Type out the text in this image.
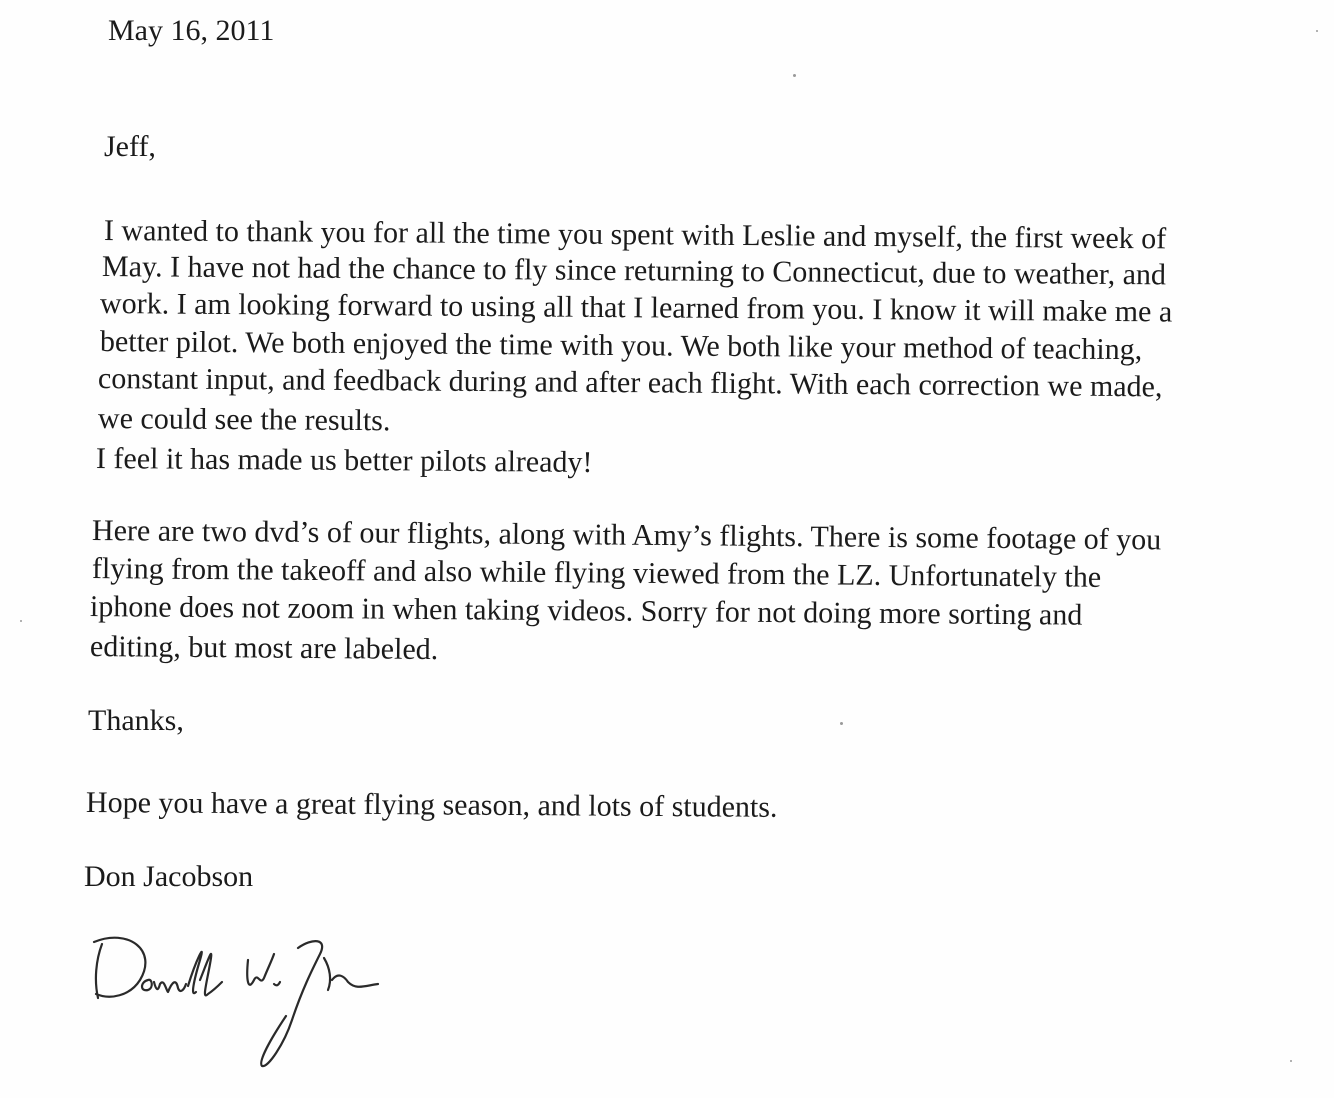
May 16, 2011

Jeff,

I wanted to thank you for all the time you spent with Leslie and myself, the first week of

May. I have not had the chance to fly since returning to Connecticut, due to weather, and

work. I am looking forward to using all that I learned from you. I know it will make me a

better pilot. We both enjoyed the time with you. We both like your method of teaching,

constant input, and feedback during and after each flight. With each correction we made,

we could see the results.

I feel it has made us better pilots already!

Here are two dvd’s of our flights, along with Amy’s flights. There is some footage of you

flying from the takeoff and also while flying viewed from the LZ. Unfortunately the

iphone does not zoom in when taking videos. Sorry for not doing more sorting and

editing, but most are labeled.

Thanks,

Hope you have a great flying season, and lots of students.

Don Jacobson
